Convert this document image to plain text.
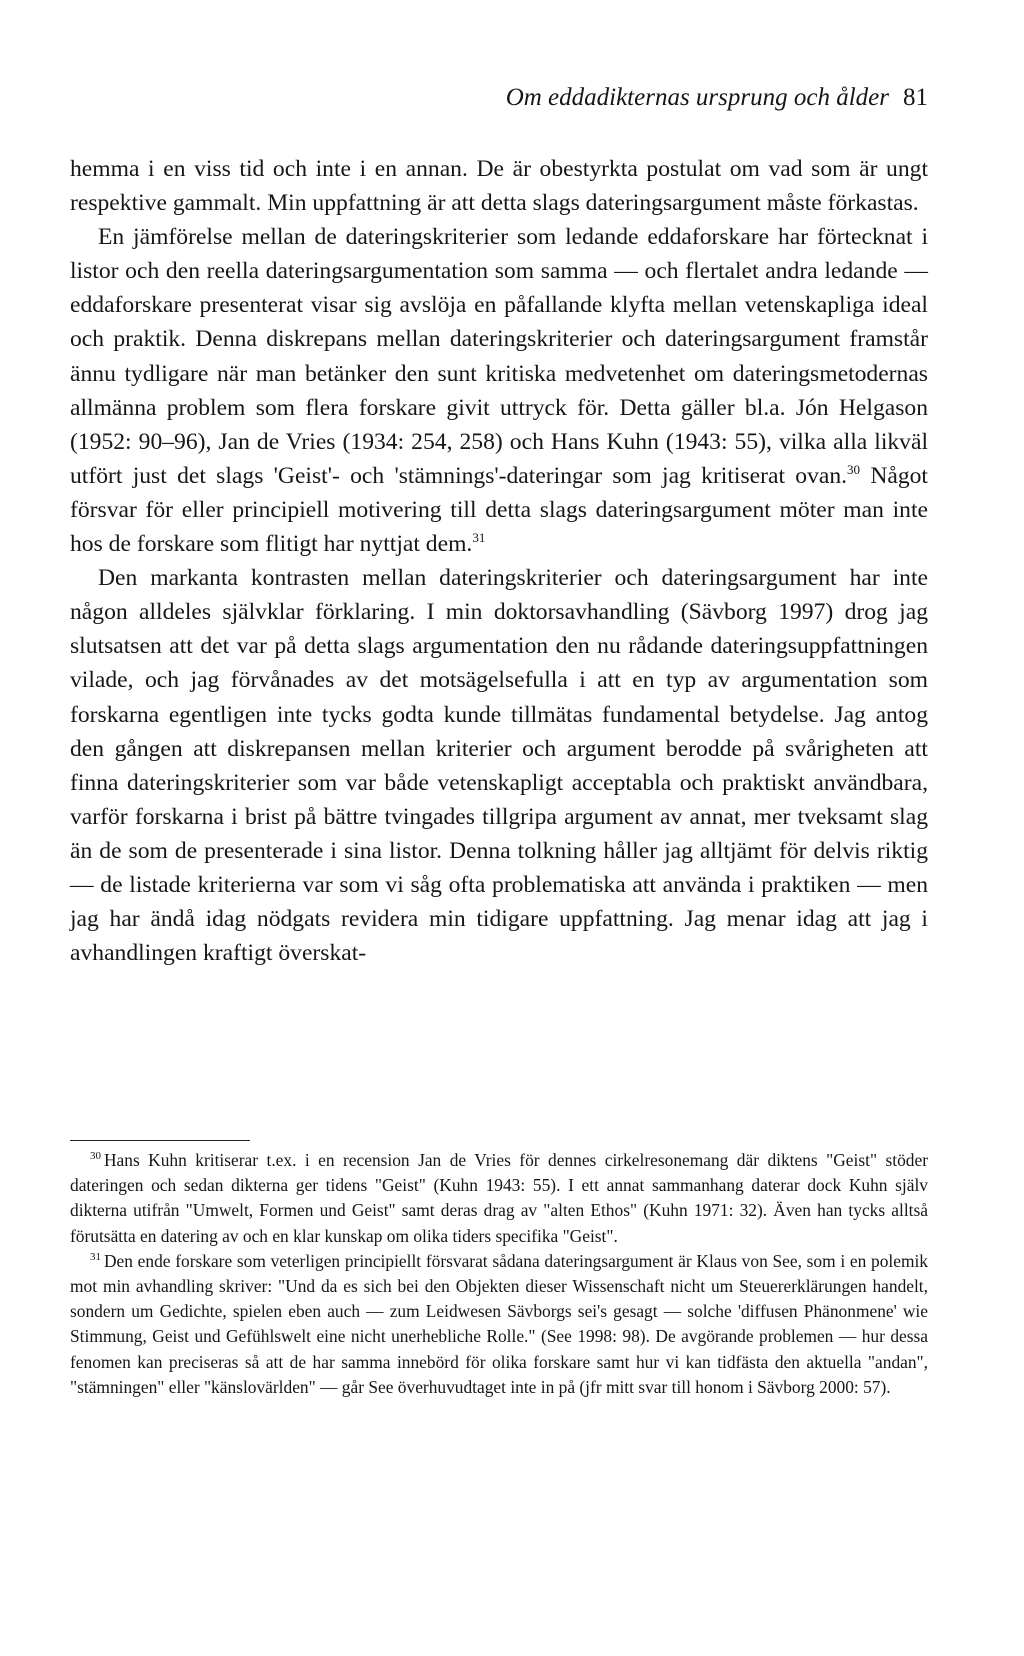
Om eddadikternas ursprung och ålder 81

hemma i en viss tid och inte i en annan. De är obestyrkta postulat om vad som är ungt respektive gammalt. Min uppfattning är att detta slags dateringsargument måste förkastas.

En jämförelse mellan de dateringskriterier som ledande eddaforskare har förtecknat i listor och den reella dateringsargumentation som samma — och flertalet andra ledande — eddaforskare presenterat visar sig avslöja en påfallande klyfta mellan vetenskapliga ideal och praktik. Denna diskrepans mellan dateringskriterier och dateringsargument framstår ännu tydligare när man betänker den sunt kritiska medvetenhet om dateringsmetodernas allmänna problem som flera forskare givit uttryck för. Detta gäller bl.a. Jón Helgason (1952: 90–96), Jan de Vries (1934: 254, 258) och Hans Kuhn (1943: 55), vilka alla likväl utfört just det slags 'Geist'- och 'stämnings'-dateringar som jag kritiserat ovan.$^{30}$ Något försvar för eller principiell motivering till detta slags dateringsargument möter man inte hos de forskare som flitigt har nyttjat dem.$^{31}$

Den markanta kontrasten mellan dateringskriterier och dateringsargument har inte någon alldeles självklar förklaring. I min doktorsavhandling (Sävborg 1997) drog jag slutsatsen att det var på detta slags argumentation den nu rådande dateringsuppfattningen vilade, och jag förvånades av det motsägelsefulla i att en typ av argumentation som forskarna egentligen inte tycks godta kunde tillmätas fundamental betydelse. Jag antog den gången att diskrepansen mellan kriterier och argument berodde på svårigheten att finna dateringskriterier som var både vetenskapligt acceptabla och praktiskt användbara, varför forskarna i brist på bättre tvingades tillgripa argument av annat, mer tveksamt slag än de som de presenterade i sina listor. Denna tolkning håller jag alltjämt för delvis riktig — de listade kriterierna var som vi såg ofta problematiska att använda i praktiken — men jag har ändå idag nödgats revidera min tidigare uppfattning. Jag menar idag att jag i avhandlingen kraftigt överskat-

$^{30}$ Hans Kuhn kritiserar t.ex. i en recension Jan de Vries för dennes cirkelresonemang där diktens "Geist" stöder dateringen och sedan dikterna ger tidens "Geist" (Kuhn 1943: 55). I ett annat sammanhang daterar dock Kuhn själv dikterna utifrån "Umwelt, Formen und Geist" samt deras drag av "alten Ethos" (Kuhn 1971: 32). Även han tycks alltså förutsätta en datering av och en klar kunskap om olika tiders specifika "Geist".

$^{31}$ Den ende forskare som veterligen principiellt försvarat sådana dateringsargument är Klaus von See, som i en polemik mot min avhandling skriver: "Und da es sich bei den Objekten dieser Wissenschaft nicht um Steuererklärungen handelt, sondern um Gedichte, spielen eben auch — zum Leidwesen Sävborgs sei's gesagt — solche 'diffusen Phänonmene' wie Stimmung, Geist und Gefühlswelt eine nicht unerhebliche Rolle." (See 1998: 98). De avgörande problemen — hur dessa fenomen kan preciseras så att de har samma innebörd för olika forskare samt hur vi kan tidfästa den aktuella "andan", "stämningen" eller "känslovärlden" — går See överhuvudtaget inte in på (jfr mitt svar till honom i Sävborg 2000: 57).
